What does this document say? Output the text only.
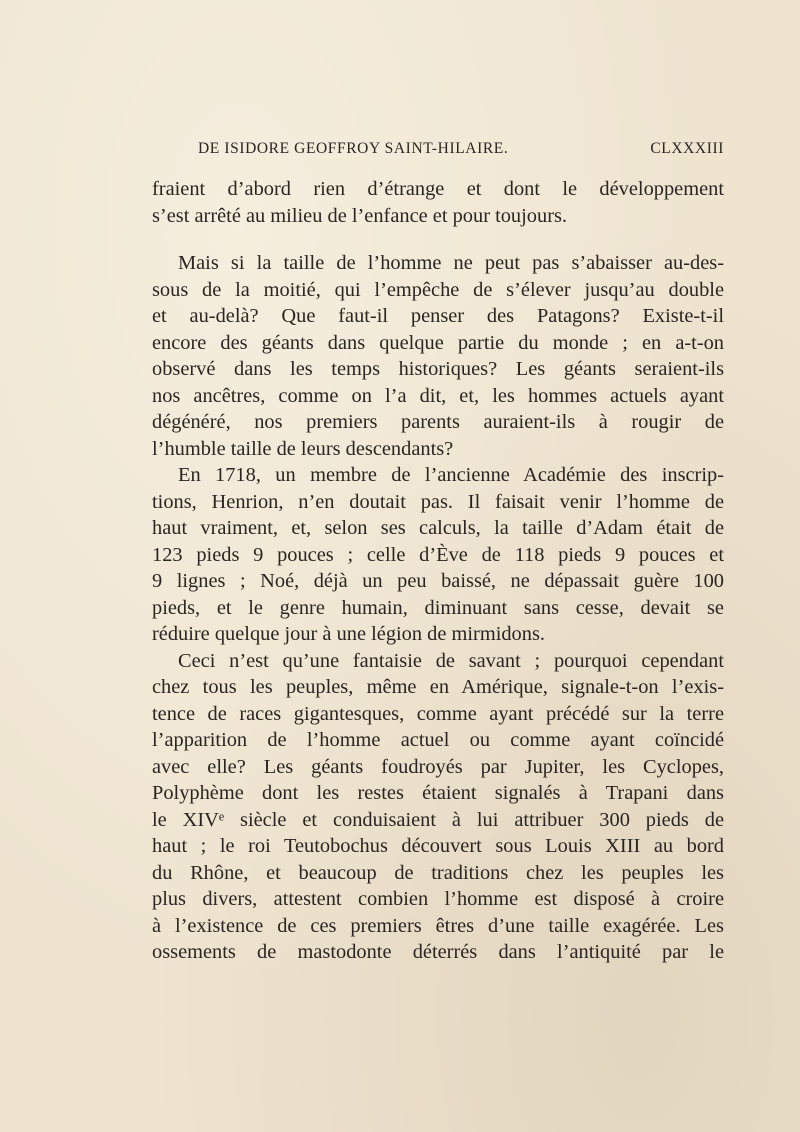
DE ISIDORE GEOFFROY SAINT-HILAIRE.	CLXXXIII
fraient d’abord rien d’étrange et dont le développement
s’est arrêté au milieu de l’enfance et pour toujours.
Mais si la taille de l’homme ne peut pas s’abaisser au-des-
sous de la moitié, qui l’empêche de s’élever jusqu’au double
et au-delà? Que faut-il penser des Patagons? Existe-t-il
encore des géants dans quelque partie du monde ; en a-t-on
observé dans les temps historiques? Les géants seraient-ils
nos ancêtres, comme on l’a dit, et, les hommes actuels ayant
dégénéré, nos premiers parents auraient-ils à rougir de
l’humble taille de leurs descendants?
En 1718, un membre de l’ancienne Académie des inscrip-
tions, Henrion, n’en doutait pas. Il faisait venir l’homme de
haut vraiment, et, selon ses calculs, la taille d’Adam était de
123 pieds 9 pouces ; celle d’Ève de 118 pieds 9 pouces et
9 lignes ; Noé, déjà un peu baissé, ne dépassait guère 100
pieds, et le genre humain, diminuant sans cesse, devait se
réduire quelque jour à une légion de mirmidons.
Ceci n’est qu’une fantaisie de savant ; pourquoi cependant
chez tous les peuples, même en Amérique, signale-t-on l’exis-
tence de races gigantesques, comme ayant précédé sur la terre
l’apparition de l’homme actuel ou comme ayant coïncidé
avec elle? Les géants foudroyés par Jupiter, les Cyclopes,
Polyphème dont les restes étaient signalés à Trapani dans
le XIVᵉ siècle et conduisaient à lui attribuer 300 pieds de
haut ; le roi Teutobochus découvert sous Louis XIII au bord
du Rhône, et beaucoup de traditions chez les peuples les
plus divers, attestent combien l’homme est disposé à croire
à l’existence de ces premiers êtres d’une taille exagérée. Les
ossements de mastodonte déterrés dans l’antiquité par le
